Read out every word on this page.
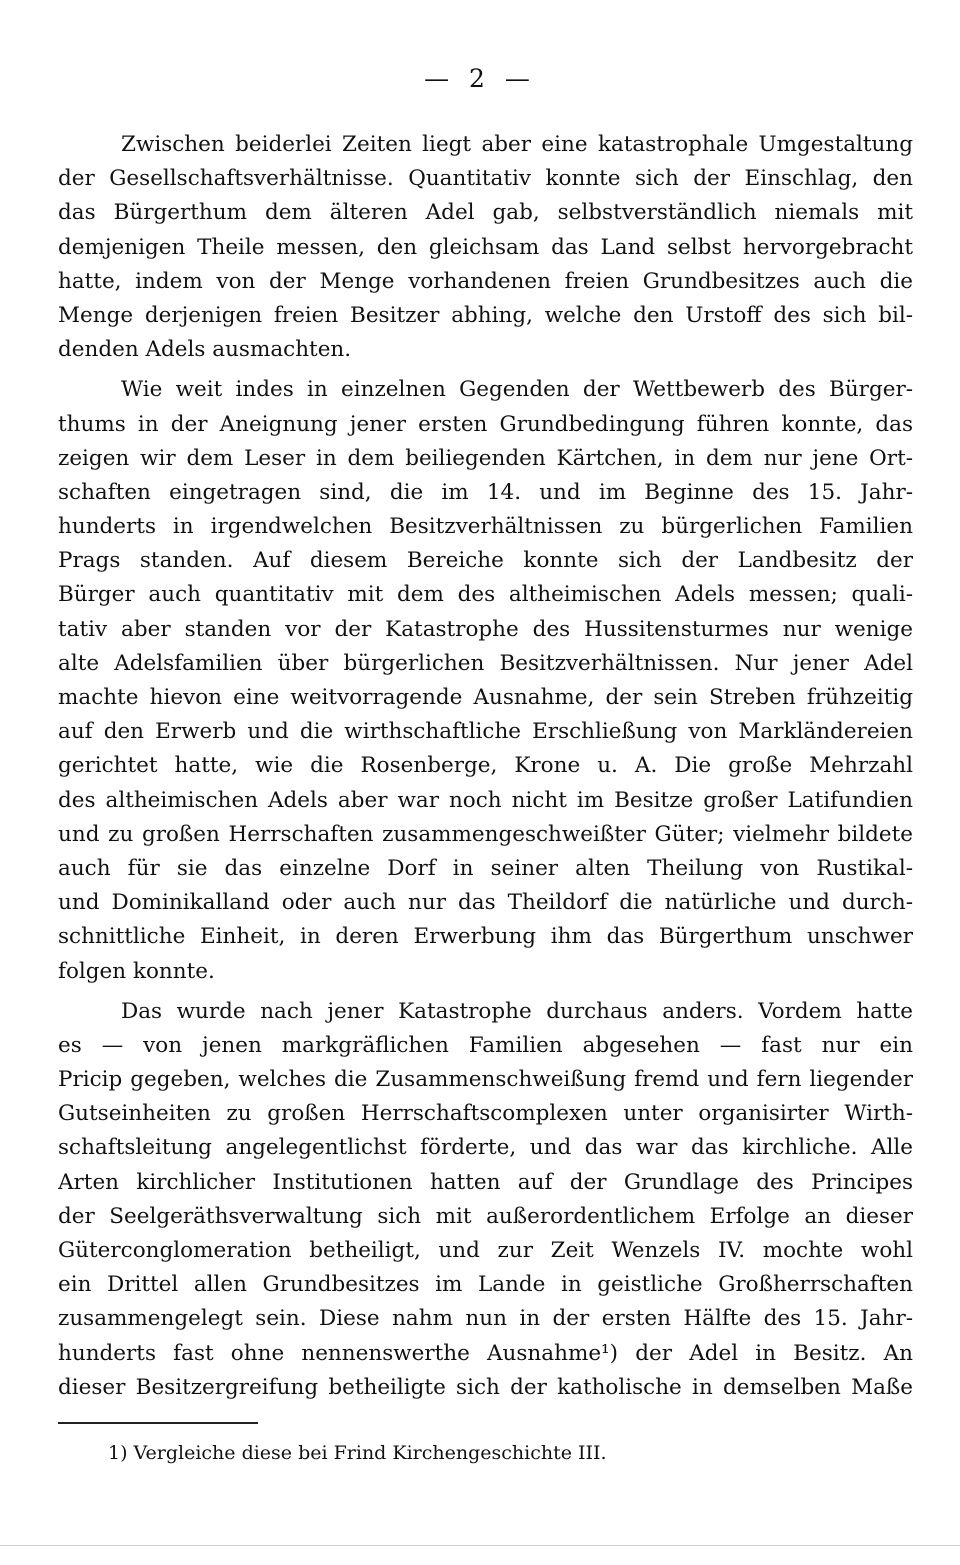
— 2 —
Zwischen beiderlei Zeiten liegt aber eine katastrophale Umgestaltung
der Gesellschaftsverhältnisse. Quantitativ konnte sich der Einschlag, den
das Bürgerthum dem älteren Adel gab, selbstverständlich niemals mit
demjenigen Theile messen, den gleichsam das Land selbst hervorgebracht
hatte, indem von der Menge vorhandenen freien Grundbesitzes auch die
Menge derjenigen freien Besitzer abhing, welche den Urstoff des sich bil-
denden Adels ausmachten.
Wie weit indes in einzelnen Gegenden der Wettbewerb des Bürger-
thums in der Aneignung jener ersten Grundbedingung führen konnte, das
zeigen wir dem Leser in dem beiliegenden Kärtchen, in dem nur jene Ort-
schaften eingetragen sind, die im 14. und im Beginne des 15. Jahr-
hunderts in irgendwelchen Besitzverhältnissen zu bürgerlichen Familien
Prags standen. Auf diesem Bereiche konnte sich der Landbesitz der
Bürger auch quantitativ mit dem des altheimischen Adels messen; quali-
tativ aber standen vor der Katastrophe des Hussitensturmes nur wenige
alte Adelsfamilien über bürgerlichen Besitzverhältnissen. Nur jener Adel
machte hievon eine weitvorragende Ausnahme, der sein Streben frühzeitig
auf den Erwerb und die wirthschaftliche Erschließung von Markländereien
gerichtet hatte, wie die Rosenberge, Krone u. A. Die große Mehrzahl
des altheimischen Adels aber war noch nicht im Besitze großer Latifundien
und zu großen Herrschaften zusammengeschweißter Güter; vielmehr bildete
auch für sie das einzelne Dorf in seiner alten Theilung von Rustikal-
und Dominikalland oder auch nur das Theildorf die natürliche und durch-
schnittliche Einheit, in deren Erwerbung ihm das Bürgerthum unschwer
folgen konnte.
Das wurde nach jener Katastrophe durchaus anders. Vordem hatte
es — von jenen markgräflichen Familien abgesehen — fast nur ein
Pricip gegeben, welches die Zusammenschweißung fremd und fern liegender
Gutseinheiten zu großen Herrschaftscomplexen unter organisirter Wirth-
schaftsleitung angelegentlichst förderte, und das war das kirchliche. Alle
Arten kirchlicher Institutionen hatten auf der Grundlage des Principes
der Seelgeräthsverwaltung sich mit außerordentlichem Erfolge an dieser
Güterconglomeration betheiligt, und zur Zeit Wenzels IV. mochte wohl
ein Drittel allen Grundbesitzes im Lande in geistliche Großherrschaften
zusammengelegt sein. Diese nahm nun in der ersten Hälfte des 15. Jahr-
hunderts fast ohne nennenswerthe Ausnahme¹) der Adel in Besitz. An
dieser Besitzergreifung betheiligte sich der katholische in demselben Maße
1) Vergleiche diese bei Frind Kirchengeschichte III.
